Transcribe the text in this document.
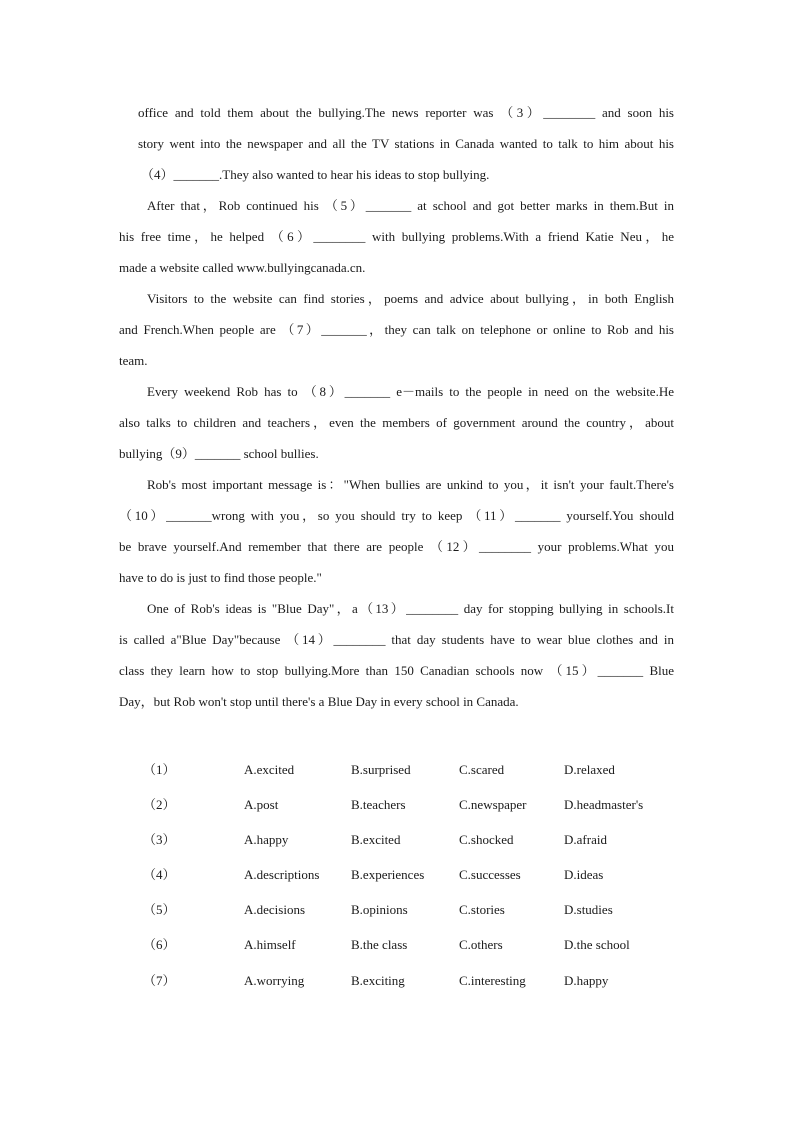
office and told them about the bullying.The news reporter was （3）________ and soon his
story went into the newspaper and all the TV stations in Canada wanted to talk to him about his
（4）_______.They also wanted to hear his ideas to stop bullying.
After that，Rob continued his （5）_______ at school and got better marks in them.But in
his free time，he helped （6）________ with bullying problems.With a friend Katie Neu，he
made a website called www.bullyingcanada.cn.
Visitors to the website can find stories，poems and advice about bullying，in both English
and French.When people are （7）_______，they can talk on telephone or online to Rob and his
team.
Every weekend Rob has to （8）_______ e－mails to the people in need on the website.He
also talks to children and teachers，even the members of government around the country，about
bullying（9）_______ school bullies.
Rob's most important message is："When bullies are unkind to you，it isn't your fault.There's
（10）_______wrong with you，so you should try to keep （11）_______ yourself.You should
be brave yourself.And remember that there are people （12）________ your problems.What you
have to do is just to find those people."
One of Rob's ideas is "Blue Day"，a（13）________ day for stopping bullying in schools.It
is called a"Blue Day"because （14）________ that day students have to wear blue clothes and in
class they learn how to stop bullying.More than 150 Canadian schools now （15）_______ Blue
Day，but Rob won't stop until there's a Blue Day in every school in Canada.
（1）	A.excited	B.surprised	C.scared	D.relaxed
（2）	A.post	B.teachers	C.newspaper	D.headmaster's
（3）	A.happy	B.excited	C.shocked	D.afraid
（4）	A.descriptions B.experiences	C.successes	D.ideas
（5）	A.decisions	B.opinions	C.stories	D.studies
（6）	A.himself	B.the class	C.others	D.the school
（7）	A.worrying	B.exciting	C.interesting	D.happy
